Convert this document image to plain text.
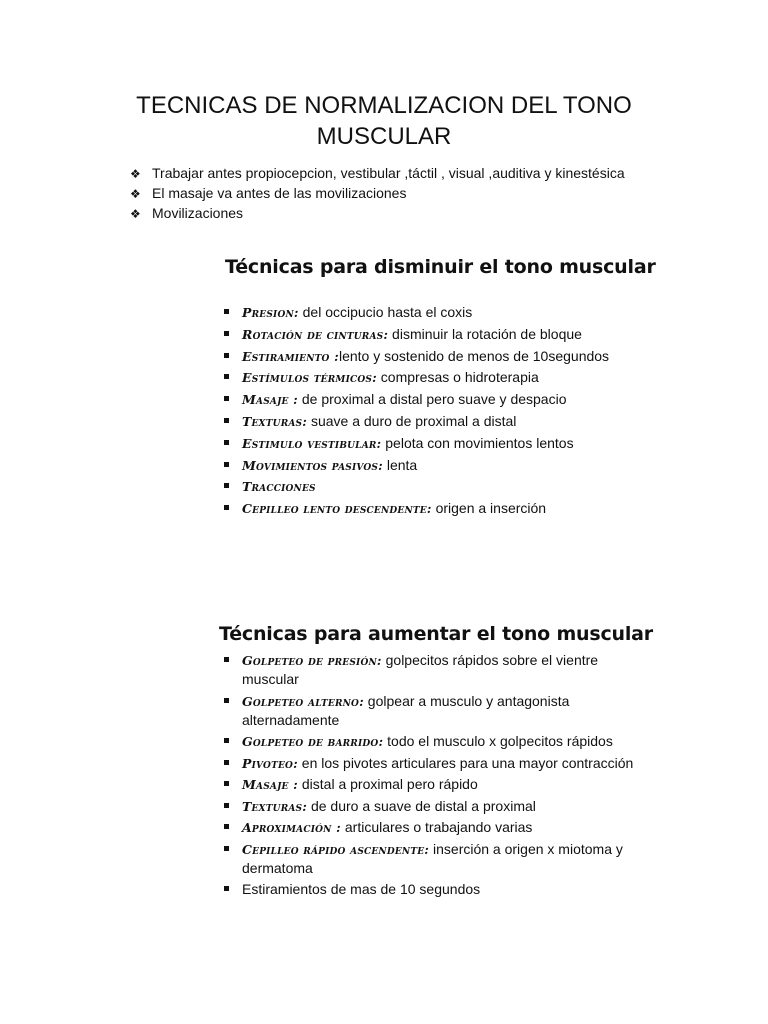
TECNICAS DE NORMALIZACION DEL TONO
MUSCULAR
❖ Trabajar antes propiocepcion, vestibular ,táctil , visual ,auditiva y kinestésica
❖ El masaje va antes de las movilizaciones
❖ Movilizaciones
Técnicas para disminuir el tono muscular
Presion: del occipucio hasta el coxis
Rotación de cinturas: disminuir la rotación de bloque
Estiramiento :lento y sostenido de menos de 10segundos
Estímulos térmicos: compresas o hidroterapia
Masaje : de proximal a distal pero suave y despacio
Texturas: suave a duro de proximal a distal
Estimulo vestibular: pelota con movimientos lentos
Movimientos pasivos: lenta
Tracciones
Cepilleo lento descendente: origen a inserción
Técnicas para aumentar el tono muscular
Golpeteo de presión: golpecitos rápidos sobre el vientre muscular
Golpeteo alterno: golpear a musculo y antagonista alternadamente
Golpeteo de barrido: todo el musculo x golpecitos rápidos
Pivoteo: en los pivotes articulares para una mayor contracción
Masaje : distal a proximal pero rápido
Texturas: de duro a suave de distal a proximal
Aproximación : articulares o trabajando varias
Cepilleo rápido ascendente: inserción a origen x miotoma y dermatoma
Estiramientos de mas de 10 segundos
